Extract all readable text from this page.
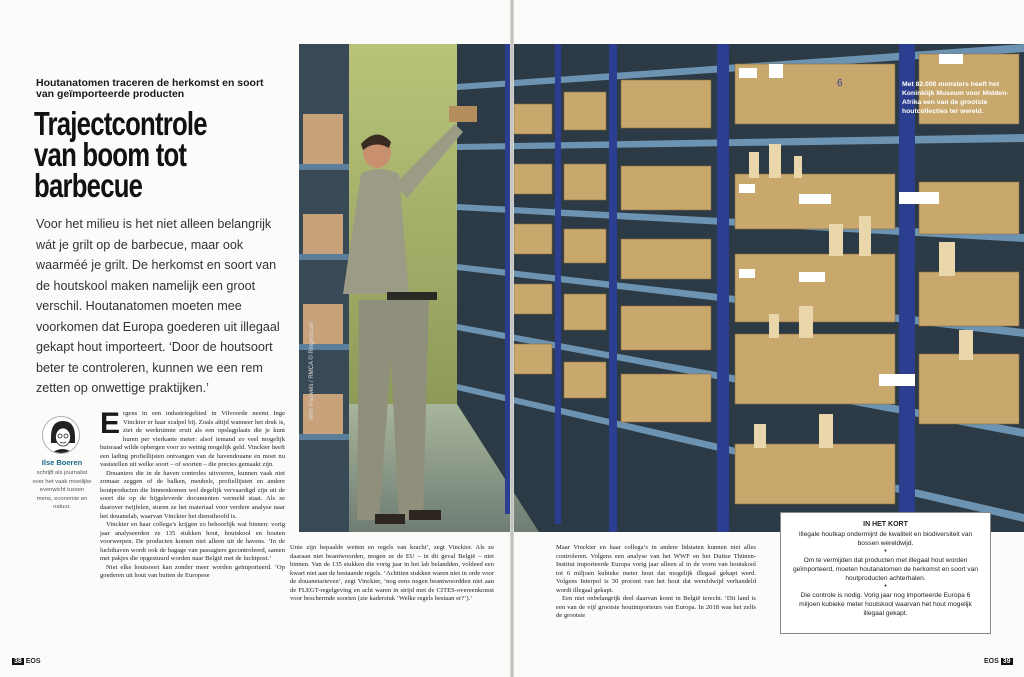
6
Wim Pauwels / RMCA © Ringenscan
Met 82.000 monsters heeft het Koninklijk Museum voor Midden-Afrika een van de grootste houtcollecties ter wereld.
Houtanatomen traceren de herkomst en soort van geïmporteerde producten
Trajectcontrole van boom tot barbecue
Voor het milieu is het niet alleen belangrijk wát je grilt op de barbecue, maar ook waarméé je grilt. De herkomst en soort van de houtskool maken namelijk een groot verschil. Houtanatomen moeten mee voorkomen dat Europa goederen uit illegaal gekapt hout importeert. ‘Door de houtsoort beter te controleren, kunnen we een rem zetten op onwettige praktijken.’
Ilse Boeren
schrijft als journalist over het vaak moeilijke evenwicht tussen mens, economie en natuur.

Ergens in een industriegebied in Vilvoorde neemt Inge Vinckier er haar scalpel bij. Zoals altijd wanneer het druk is, ziet de werkruimte eruit als een opslagplaats die je kunt huren per vierkante meter: alsof iemand zo veel mogelijk huisraad wilde opbergen voor zo weinig mogelijk geld. Vinckier heeft een lading profiellijsten ontvangen van de havendouane en moet nu vaststellen uit welke soort – of soorten – die precies gemaakt zijn.

Douaniers die in de haven controles uitvoeren, kunnen vaak niet zomaar zeggen of de balken, meubels, profiellijsten en andere houtproducten die binnenkomen wel degelijk vervaardigd zijn uit de soort die op de bijgeleverde documenten vermeld staat. Als ze daarover twijfelen, sturen ze het materiaal voor verdere analyse naar het douanelab, waarvan Vinckier het diensthoofd is.

Vinckier en haar collega’s krijgen zo behoorlijk wat binnen: vorig jaar analyseerden ze 135 stukken hout, houtskool en houten voorwerpen. De producten komen niet alleen uit de havens. ‘In de luchthaven wordt ook de bagage van passagiers gecontroleerd, samen met pakjes die opgestuurd worden naar België met de luchtpost.’

Niet elke houtsoort kan zonder meer worden geïmporteerd. ‘Op goederen uit hout van buiten de Europese

Unie zijn bepaalde wetten en regels van kracht’, zegt Vinckier. Als ze daaraan niet beantwoorden, mogen ze de EU – in dit geval België – niet binnen. Van de 135 stukken die vorig jaar in het lab belandden, voldeed een kwart niet aan de bestaande regels. ‘Achttien stukken waren niet in orde voor de douanetarieven’, zegt Vinckier, ‘nog eens negen beantwoordden niet aan de FLEGT-regelgeving en acht waren in strijd met de CITES-overeenkomst voor beschermde soorten (zie kaderstuk ‘Welke regels bestaan er?’).’

Maar Vinckier en haar collega’s in andere lidstaten kunnen niet alles controleren. Volgens een analyse van het WWF en het Duitse Thünen-Institut importeerde Europa vorig jaar alleen al in de vorm van houtskool tot 6 miljoen kubieke meter hout dat mogelijk illegaal gekapt werd. Volgens Interpol is 30 procent van het hout dat wereldwijd verhandeld wordt illegaal gekapt.

Een niet onbelangrijk deel daarvan komt in België terecht. ‘Dit land is een van de vijf grootste houtimporteurs van Europa. In 2018 was het zelfs de grootste

IN HET KORT
Illegale houtkap ondermijnt de kwaliteit en biodiversiteit van bossen wereldwijd.
•
Om te vermijden dat producten met illegaal hout worden geïmporteerd, moeten houtanatomen de herkomst en soort van houtproducten achterhalen.
•
Die controle is nodig. Vorig jaar nog importeerde Europa 6 miljoen kubieke meter houtskool waarvan het hout mogelijk illegaal gekapt.
38 EOS	EOS 39
